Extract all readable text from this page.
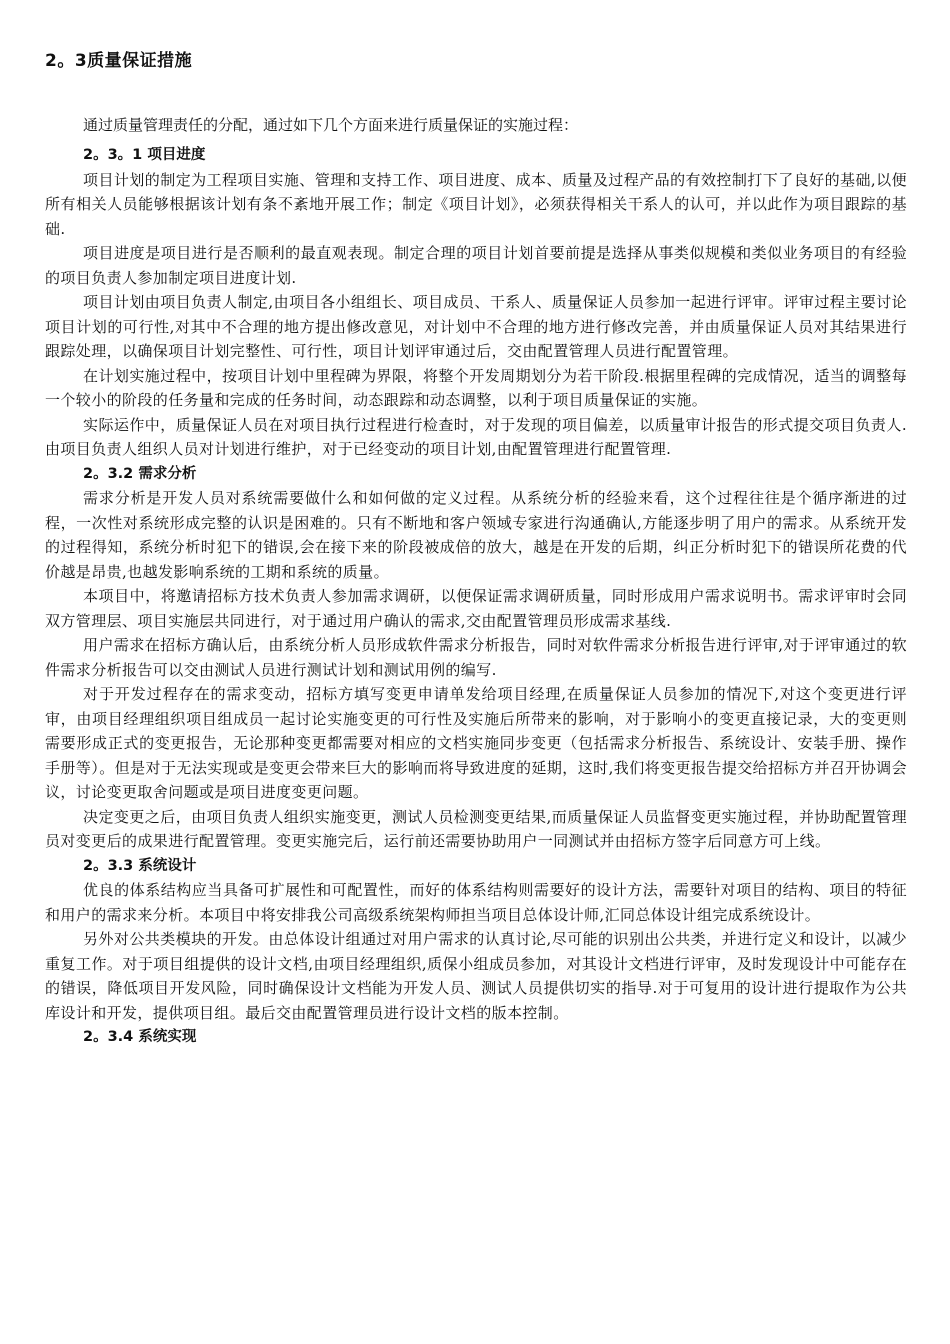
2。3质量保证措施

通过质量管理责任的分配，通过如下几个方面来进行质量保证的实施过程：

2。3。1 项目进度

项目计划的制定为工程项目实施、管理和支持工作、项目进度、成本、质量及过程产品的有效控制打下了良好的基础,以便所有相关人员能够根据该计划有条不紊地开展工作；制定《项目计划》，必须获得相关干系人的认可，并以此作为项目跟踪的基础.

项目进度是项目进行是否顺利的最直观表现。制定合理的项目计划首要前提是选择从事类似规模和类似业务项目的有经验的项目负责人参加制定项目进度计划.

项目计划由项目负责人制定,由项目各小组组长、项目成员、干系人、质量保证人员参加一起进行评审。评审过程主要讨论项目计划的可行性,对其中不合理的地方提出修改意见，对计划中不合理的地方进行修改完善，并由质量保证人员对其结果进行跟踪处理，以确保项目计划完整性、可行性，项目计划评审通过后，交由配置管理人员进行配置管理。

在计划实施过程中，按项目计划中里程碑为界限，将整个开发周期划分为若干阶段.根据里程碑的完成情况，适当的调整每一个较小的阶段的任务量和完成的任务时间，动态跟踪和动态调整，以利于项目质量保证的实施。

实际运作中，质量保证人员在对项目执行过程进行检查时，对于发现的项目偏差，以质量审计报告的形式提交项目负责人.由项目负责人组织人员对计划进行维护，对于已经变动的项目计划,由配置管理进行配置管理.

2。3.2 需求分析

需求分析是开发人员对系统需要做什么和如何做的定义过程。从系统分析的经验来看，这个过程往往是个循序渐进的过程，一次性对系统形成完整的认识是困难的。只有不断地和客户领域专家进行沟通确认,方能逐步明了用户的需求。从系统开发的过程得知，系统分析时犯下的错误,会在接下来的阶段被成倍的放大，越是在开发的后期，纠正分析时犯下的错误所花费的代价越是昂贵,也越发影响系统的工期和系统的质量。

本项目中，将邀请招标方技术负责人参加需求调研，以便保证需求调研质量，同时形成用户需求说明书。需求评审时会同双方管理层、项目实施层共同进行，对于通过用户确认的需求,交由配置管理员形成需求基线.

用户需求在招标方确认后，由系统分析人员形成软件需求分析报告，同时对软件需求分析报告进行评审,对于评审通过的软件需求分析报告可以交由测试人员进行测试计划和测试用例的编写.

对于开发过程存在的需求变动，招标方填写变更申请单发给项目经理,在质量保证人员参加的情况下,对这个变更进行评审，由项目经理组织项目组成员一起讨论实施变更的可行性及实施后所带来的影响，对于影响小的变更直接记录，大的变更则需要形成正式的变更报告，无论那种变更都需要对相应的文档实施同步变更（包括需求分析报告、系统设计、安装手册、操作手册等）。但是对于无法实现或是变更会带来巨大的影响而将导致进度的延期，这时,我们将变更报告提交给招标方并召开协调会议，讨论变更取舍问题或是项目进度变更问题。

决定变更之后，由项目负责人组织实施变更，测试人员检测变更结果,而质量保证人员监督变更实施过程，并协助配置管理员对变更后的成果进行配置管理。变更实施完后，运行前还需要协助用户一同测试并由招标方签字后同意方可上线。

2。3.3 系统设计

优良的体系结构应当具备可扩展性和可配置性，而好的体系结构则需要好的设计方法，需要针对项目的结构、项目的特征和用户的需求来分析。本项目中将安排我公司高级系统架构师担当项目总体设计师,汇同总体设计组完成系统设计。

另外对公共类模块的开发。由总体设计组通过对用户需求的认真讨论,尽可能的识别出公共类，并进行定义和设计，以减少重复工作。对于项目组提供的设计文档,由项目经理组织,质保小组成员参加，对其设计文档进行评审，及时发现设计中可能存在的错误，降低项目开发风险，同时确保设计文档能为开发人员、测试人员提供切实的指导.对于可复用的设计进行提取作为公共库设计和开发，提供项目组。最后交由配置管理员进行设计文档的版本控制。

2。3.4 系统实现
